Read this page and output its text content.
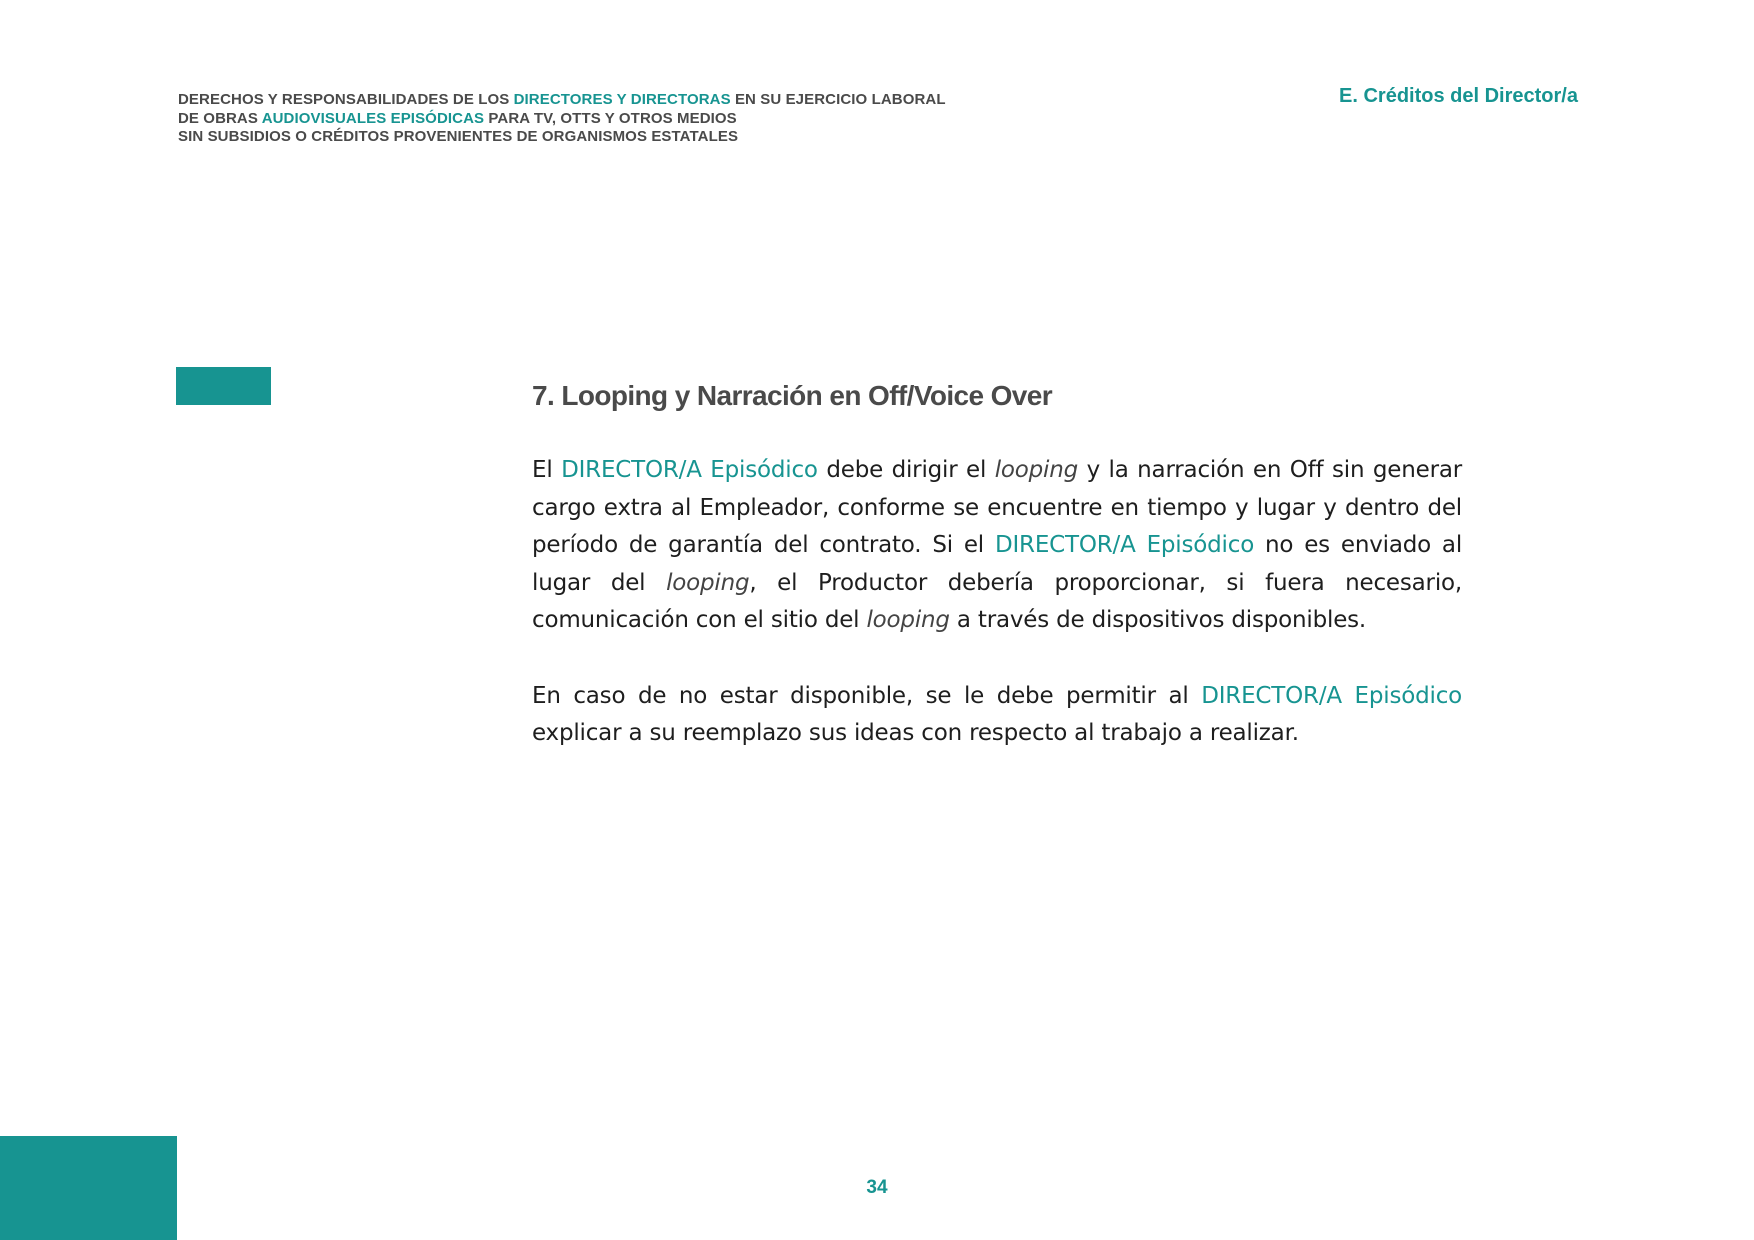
DERECHOS Y RESPONSABILIDADES DE LOS DIRECTORES Y DIRECTORAS EN SU EJERCICIO LABORAL
DE OBRAS AUDIOVISUALES EPISÓDICAS PARA TV, OTTS Y OTROS MEDIOS
SIN SUBSIDIOS O CRÉDITOS PROVENIENTES DE ORGANISMOS ESTATALES
E. Créditos del Director/a
7. Looping y Narración en Off/Voice Over

El DIRECTOR/A Episódico debe dirigir el looping y la narración en Off sin generar cargo extra al Empleador, conforme se encuentre en tiempo y lugar y dentro del período de garantía del contrato. Si el DIRECTOR/A Episódico no es enviado al lugar del looping, el Productor debería proporcionar, si fuera necesario, comunicación con el sitio del looping a través de dispositivos disponibles.

En caso de no estar disponible, se le debe permitir al DIRECTOR/A Episódico explicar a su reemplazo sus ideas con respecto al trabajo a realizar.

34
